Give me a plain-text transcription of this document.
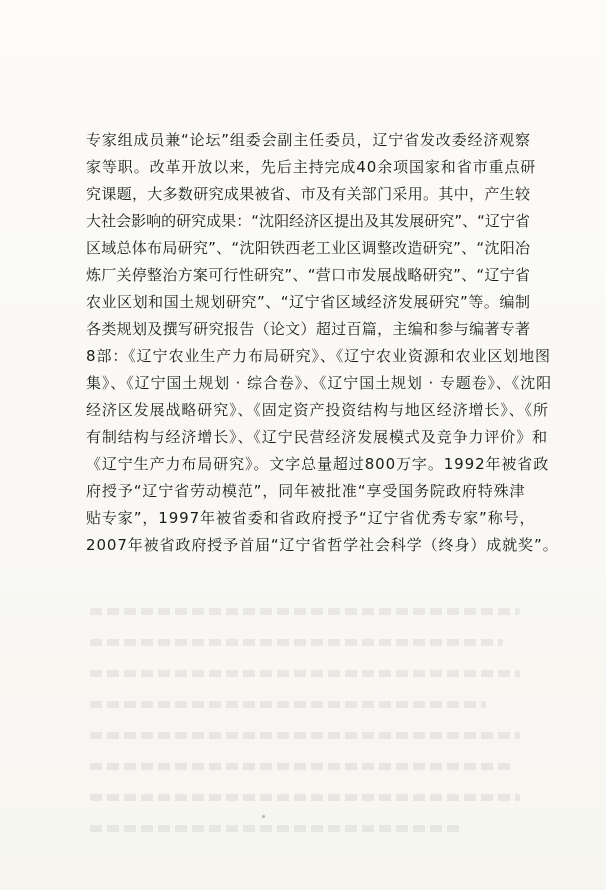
专家组成员兼“论坛”组委会副主任委员，辽宁省发改委经济观察
家等职。改革开放以来，先后主持完成40余项国家和省市重点研
究课题，大多数研究成果被省、市及有关部门采用。其中，产生较
大社会影响的研究成果：“沈阳经济区提出及其发展研究”、“辽宁省
区域总体布局研究”、“沈阳铁西老工业区调整改造研究”、“沈阳冶
炼厂关停整治方案可行性研究”、“营口市发展战略研究”、“辽宁省
农业区划和国土规划研究”、“辽宁省区域经济发展研究”等。编制
各类规划及撰写研究报告（论文）超过百篇，主编和参与编著专著
8部：《辽宁农业生产力布局研究》、《辽宁农业资源和农业区划地图
集》、《辽宁国土规划 · 综合卷》、《辽宁国土规划 · 专题卷》、《沈阳
经济区发展战略研究》、《固定资产投资结构与地区经济增长》、《所
有制结构与经济增长》、《辽宁民营经济发展模式及竞争力评价》和
《辽宁生产力布局研究》。文字总量超过800万字。1992年被省政
府授予“辽宁省劳动模范”，同年被批准“享受国务院政府特殊津
贴专家”，1997年被省委和省政府授予“辽宁省优秀专家”称号，
2007年被省政府授予首届“辽宁省哲学社会科学（终身）成就奖”。
